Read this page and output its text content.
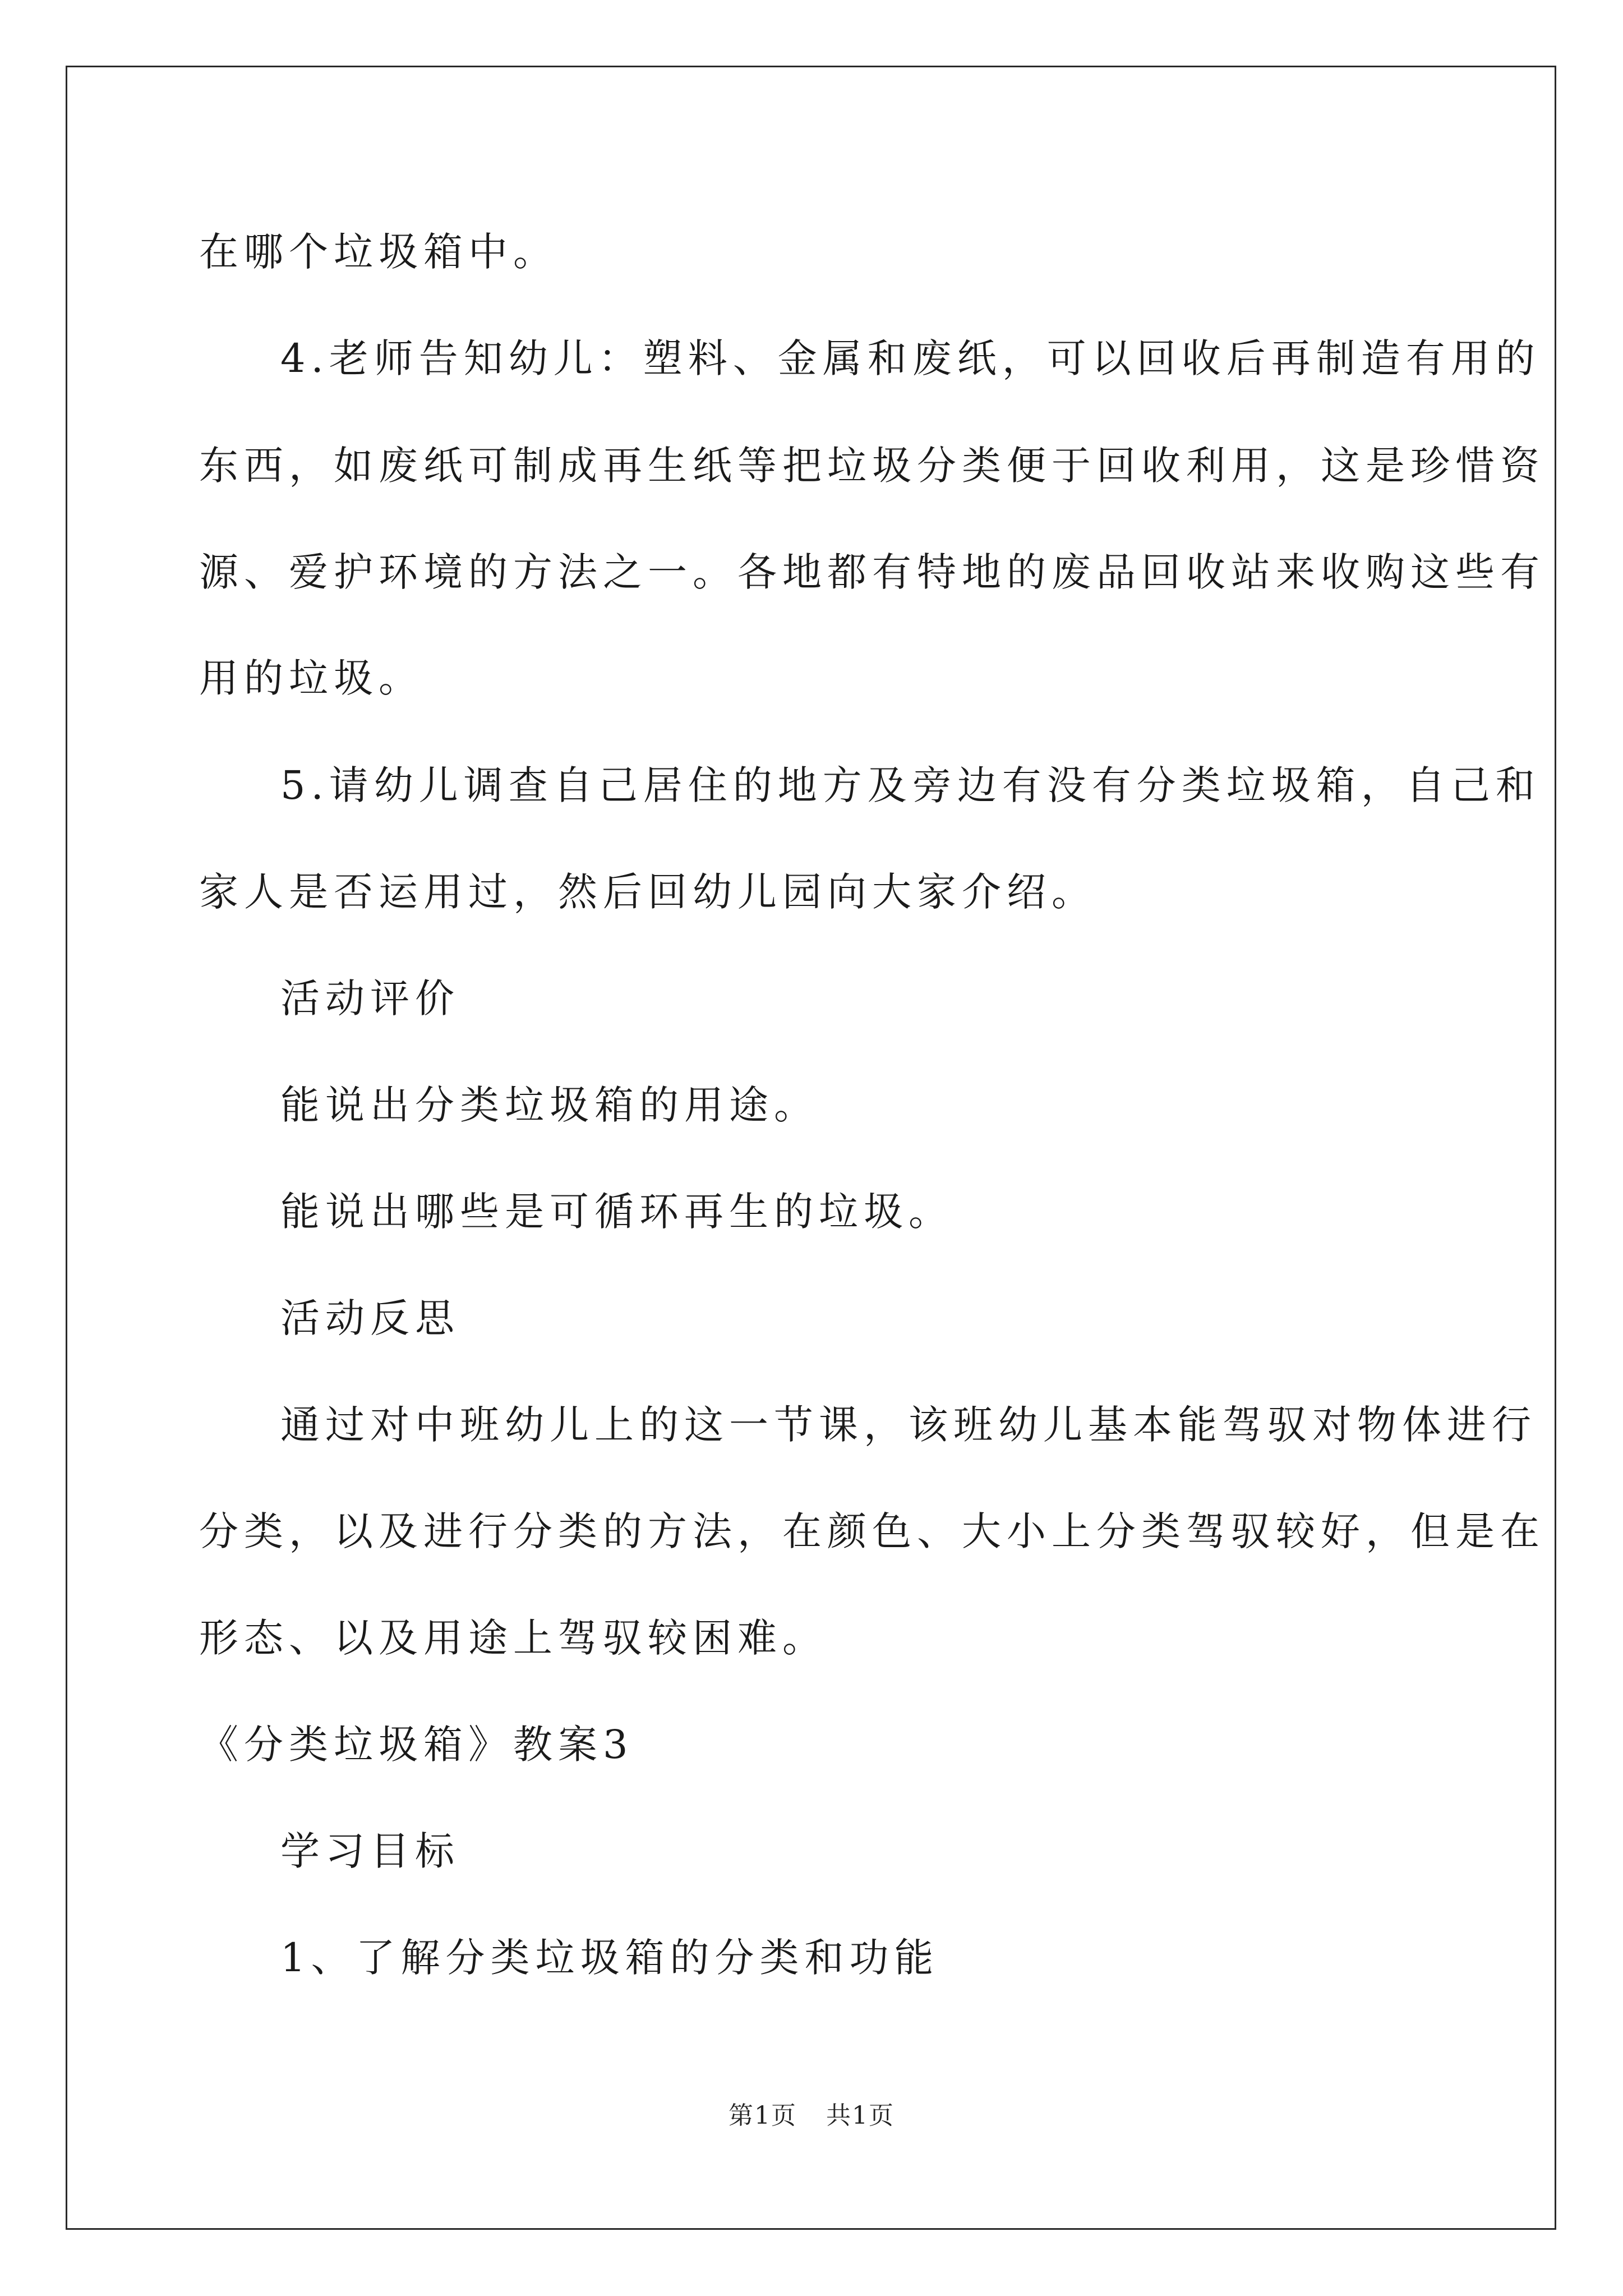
在哪个垃圾箱中。
4.老师告知幼儿：塑料、金属和废纸，可以回收后再制造有用的
东西，如废纸可制成再生纸等把垃圾分类便于回收利用，这是珍惜资
源、爱护环境的方法之一。各地都有特地的废品回收站来收购这些有
用的垃圾。
5.请幼儿调查自己居住的地方及旁边有没有分类垃圾箱，自己和
家人是否运用过，然后回幼儿园向大家介绍。
活动评价
能说出分类垃圾箱的用途。
能说出哪些是可循环再生的垃圾。
活动反思
通过对中班幼儿上的这一节课，该班幼儿基本能驾驭对物体进行
分类，以及进行分类的方法，在颜色、大小上分类驾驭较好，但是在
形态、以及用途上驾驭较困难。
《分类垃圾箱》教案3
学习目标
1、了解分类垃圾箱的分类和功能
第1页 共1页
